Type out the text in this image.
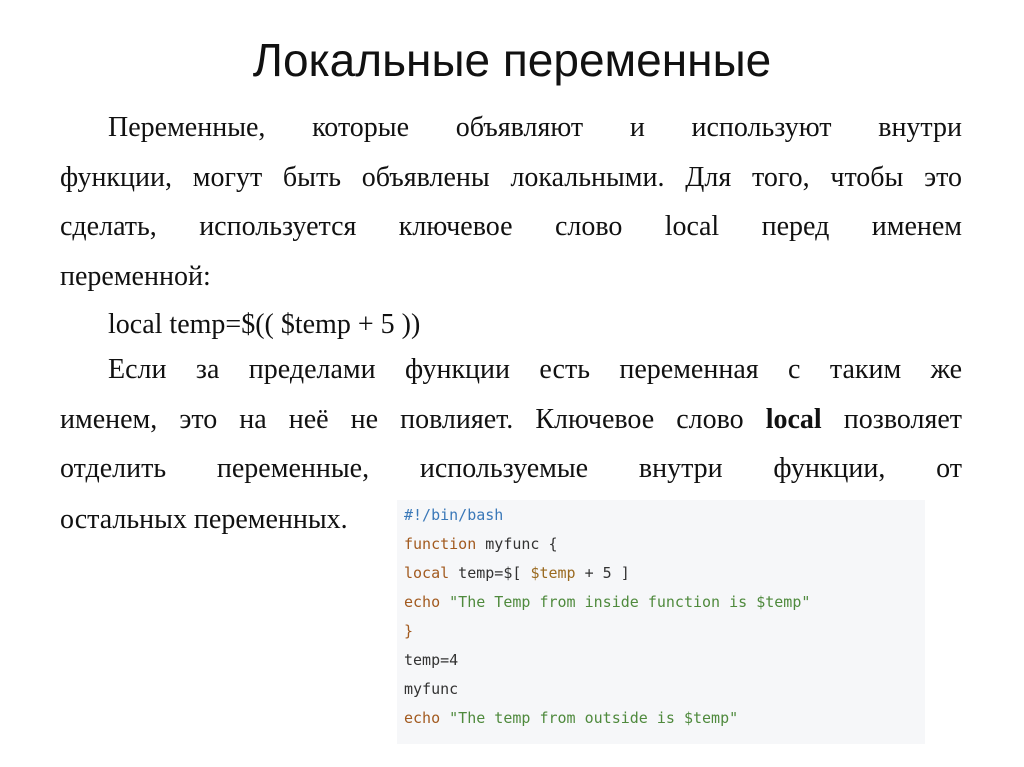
Локальные переменные
Переменные, которые объявляют и используют внутри
функции, могут быть объявлены локальными. Для того, чтобы это
сделать, используется ключевое слово local перед именем
переменной:
local temp=$(( $temp + 5 ))
Если за пределами функции есть переменная с таким же
именем, это на неё не повлияет. Ключевое слово local позволяет
отделить переменные, используемые внутри функции, от
остальных переменных.	#!/bin/bash
function myfunc {
local temp=$[ $temp + 5 ]
echo "The Temp from inside function is $temp"
}
temp=4
myfunc
echo "The temp from outside is $temp"
